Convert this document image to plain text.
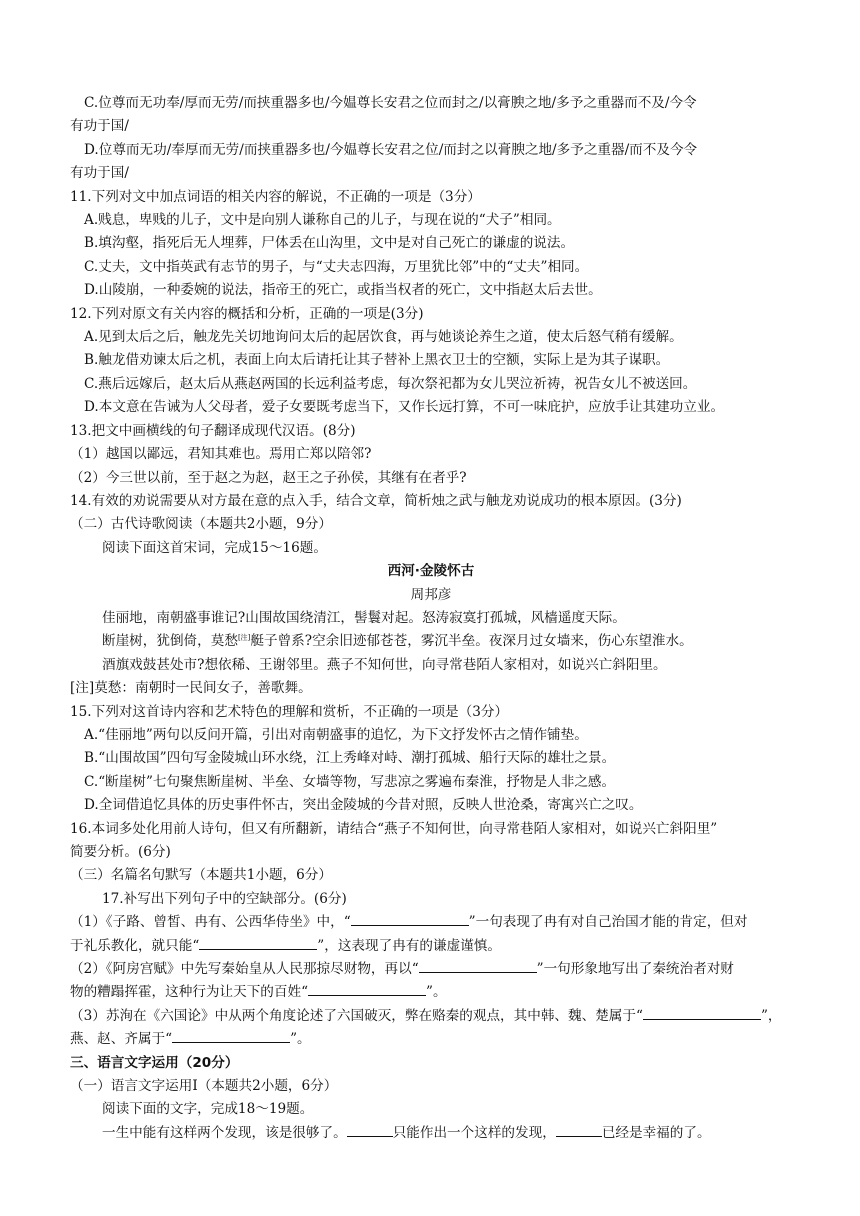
C.位尊而无功奉/厚而无劳/而挟重器多也/今媪尊长安君之位而封之/以膏腴之地/多予之重器而不及/今令
有功于国/
D.位尊而无功/奉厚而无劳/而挟重器多也/今媪尊长安君之位/而封之以膏腴之地/多予之重器/而不及今令
有功于国/
11.下列对文中加点词语的相关内容的解说，不正确的一项是（3分）
A.贱息，卑贱的儿子，文中是向别人谦称自己的儿子，与现在说的“犬子”相同。
B.填沟壑，指死后无人埋葬，尸体丢在山沟里，文中是对自己死亡的谦虚的说法。
C.丈夫，文中指英武有志节的男子，与“丈夫志四海，万里犹比邻”中的“丈夫”相同。
D.山陵崩，一种委婉的说法，指帝王的死亡，或指当权者的死亡，文中指赵太后去世。
12.下列对原文有关内容的概括和分析，正确的一项是(3分)
A.见到太后之后，触龙先关切地询问太后的起居饮食，再与她谈论养生之道，使太后怒气稍有缓解。
B.触龙借劝谏太后之机，表面上向太后请托让其子替补上黑衣卫士的空额，实际上是为其子谋职。
C.燕后远嫁后，赵太后从燕赵两国的长远利益考虑，每次祭祀都为女儿哭泣祈祷，祝告女儿不被送回。
D.本文意在告诫为人父母者，爱子女要既考虑当下，又作长远打算，不可一味庇护，应放手让其建功立业。
13.把文中画横线的句子翻译成现代汉语。(8分)
（1）越国以鄙远，君知其难也。焉用亡郑以陪邻?
（2）今三世以前，至于赵之为赵，赵王之子孙侯，其继有在者乎?
14.有效的劝说需要从对方最在意的点入手，结合文章，简析烛之武与触龙劝说成功的根本原因。(3分)
（二）古代诗歌阅读（本题共2小题，9分）
阅读下面这首宋词，完成15～16题。
西河·金陵怀古
周邦彦
佳丽地，南朝盛事谁记?山围故国绕清江，髻鬟对起。怒涛寂寞打孤城，风樯遥度天际。
断崖树，犹倒倚，莫愁[注]艇子曾系?空余旧迹郁苍苍，雾沉半垒。夜深月过女墙来，伤心东望淮水。
酒旗戏鼓甚处市?想依稀、王谢邻里。燕子不知何世，向寻常巷陌人家相对，如说兴亡斜阳里。
[注]莫愁：南朝时一民间女子，善歌舞。
15.下列对这首诗内容和艺术特色的理解和赏析，不正确的一项是（3分）
A.“佳丽地”两句以反问开篇，引出对南朝盛事的追忆，为下文抒发怀古之情作铺垫。
B.“山围故国”四句写金陵城山环水绕，江上秀峰对峙、潮打孤城、船行天际的雄壮之景。
C.“断崖树”七句聚焦断崖树、半垒、女墙等物，写悲凉之雾遍布秦淮，抒物是人非之感。
D.全词借追忆具体的历史事件怀古，突出金陵城的今昔对照，反映人世沧桑，寄寓兴亡之叹。
16.本词多处化用前人诗句，但又有所翻新，请结合“燕子不知何世，向寻常巷陌人家相对，如说兴亡斜阳里”
简要分析。(6分)
（三）名篇名句默写（本题共1小题，6分）
17.补写出下列句子中的空缺部分。(6分)
（1）《子路、曾皙、冉有、公西华侍坐》中，“	”一句表现了冉有对自己治国才能的肯定，但对
于礼乐教化，就只能“	”，这表现了冉有的谦虚谨慎。
（2）《阿房宫赋》中先写秦始皇从人民那掠尽财物，再以“	”一句形象地写出了秦统治者对财
物的糟蹋挥霍，这种行为让天下的百姓“	”。
（3）苏洵在《六国论》中从两个角度论述了六国破灭，弊在赂秦的观点，其中韩、魏、楚属于“	”，
燕、赵、齐属于“	”。
三、语言文字运用（20分）
（一）语言文字运用Ⅰ（本题共2小题，6分）
阅读下面的文字，完成18～19题。
一生中能有这样两个发现，该是很够了。	只能作出一个这样的发现，	已经是幸福的了。
